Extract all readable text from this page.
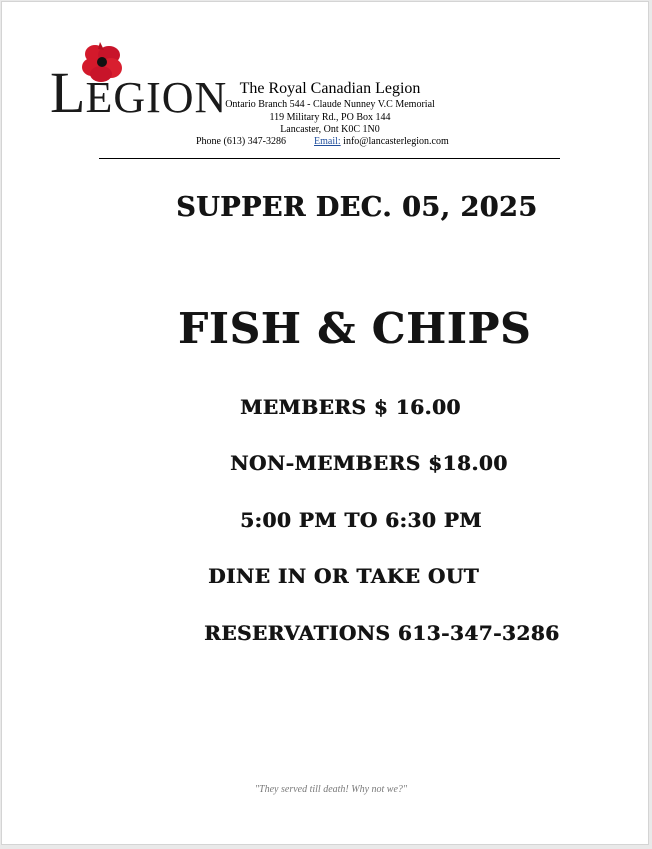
LEGION The Royal Canadian Legion
Ontario Branch 544 - Claude Nunney V.C Memorial
119 Military Rd., PO Box 144
Lancaster, Ont K0C 1N0
Phone (613) 347-3286	Email: info@lancasterlegion.com
SUPPER DEC. 05, 2025
FISH & CHIPS
MEMBERS $ 16.00
NON-MEMBERS $18.00
5:00 PM TO 6:30 PM
DINE IN OR TAKE OUT
RESERVATIONS 613-347-3286
"They served till death! Why not we?"
